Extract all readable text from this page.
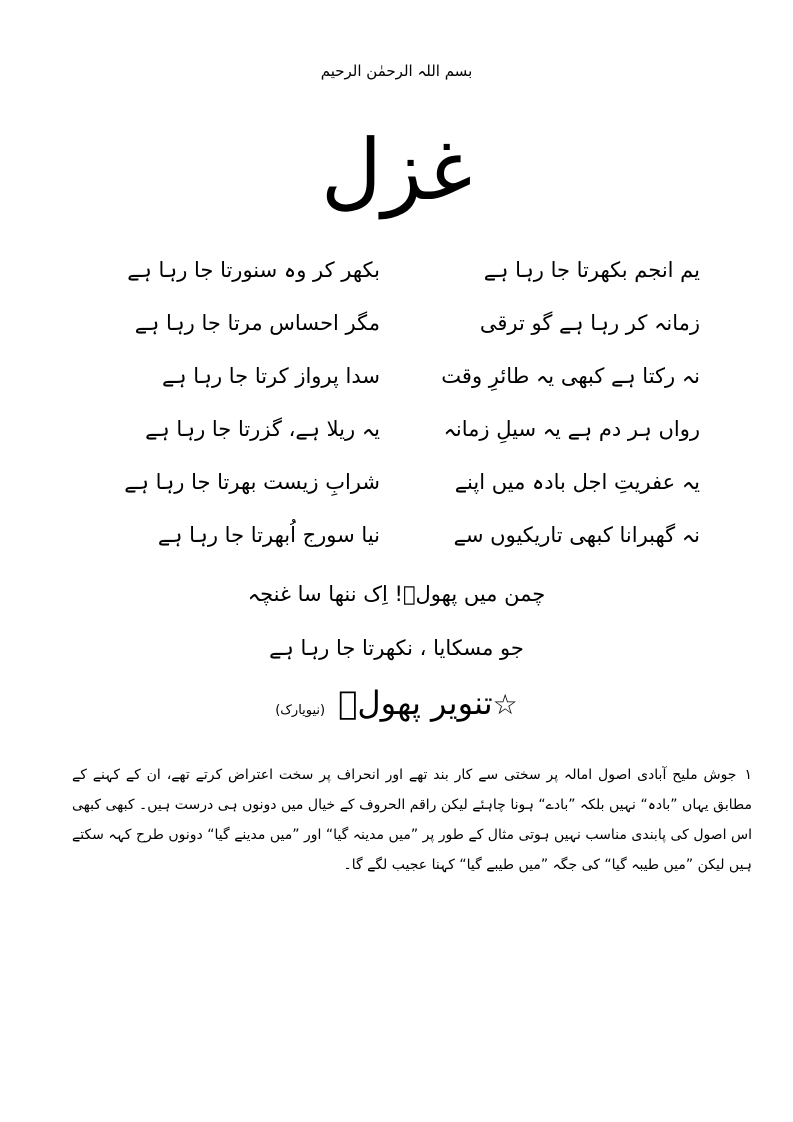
بسم اللہ الرحمٰن الرحیم
غزل
یم انجم بکھرتا جا رہا ہے
بکھر کر وہ سنورتا جا رہا ہے
زمانہ کر رہا ہے گو ترقی
مگر احساس مرتا جا رہا ہے
نہ رکتا ہے کبھی یہ طائرِ وقت
سدا پرواز کرتا جا رہا ہے
رواں ہر دم ہے یہ سیلِ زمانہ
یہ ریلا ہے، گزرتا جا رہا ہے
یہ عفریتِ اجل بادہ میں اپنے
شرابِ زیست بھرتا جا رہا ہے
نہ گھبرانا کبھی تاریکیوں سے
نیا سورج اُبھرتا جا رہا ہے
چمن میں پھولؔ! اِک ننھا سا غنچہ
جو مسکایا ، نکھرتا جا رہا ہے
☆تنویر پھولؔ (نیویارک)
۱جوش ملیح آبادی اصول امالہ پر سختی سے کار بند تھے اور انحراف پر سخت اعتراض کرتے تھے، ان کے کہنے کے مطابق یہاں ”بادہ“ نہیں بلکہ ”بادے“ ہونا چاہئے لیکن راقم الحروف کے خیال میں دونوں ہی درست ہیں۔ کبھی کبھی اس اصول کی پابندی مناسب نہیں ہوتی مثال کے طور پر ”میں مدینہ گیا“ اور ”میں مدینے گیا“ دونوں طرح کہہ سکتے ہیں لیکن ”میں طیبہ گیا“ کی جگہ ”میں طیبے گیا“ کہنا عجیب لگے گا۔
